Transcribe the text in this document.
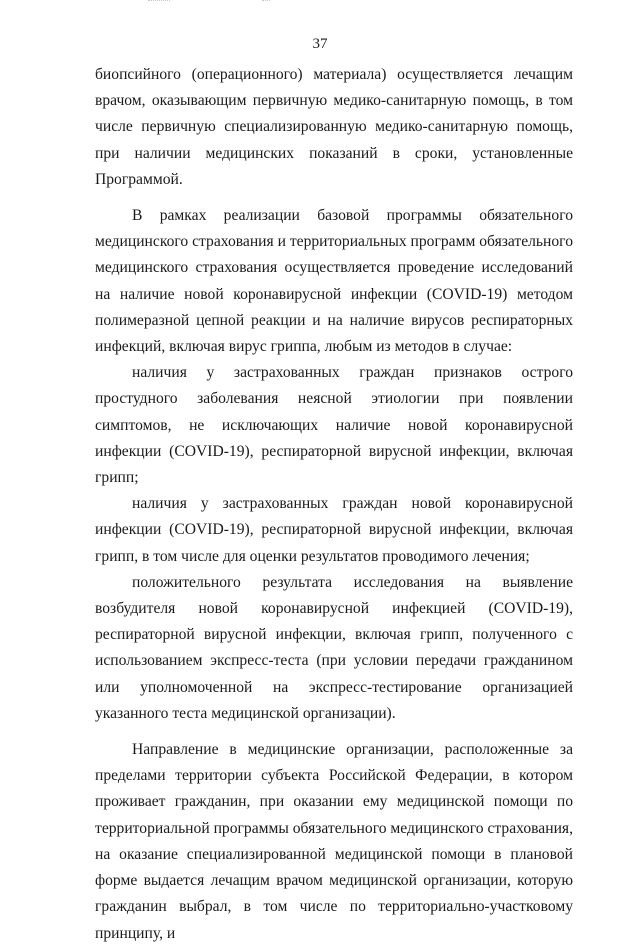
37

биопсийного (операционного) материала) осуществляется лечащим врачом, оказывающим первичную медико-санитарную помощь, в том числе первичную специализированную медико-санитарную помощь, при наличии медицинских показаний в сроки, установленные Программой.

В рамках реализации базовой программы обязательного медицинского страхования и территориальных программ обязательного медицинского страхования осуществляется проведение исследований на наличие новой коронавирусной инфекции (COVID-19) методом полимеразной цепной реакции и на наличие вирусов респираторных инфекций, включая вирус гриппа, любым из методов в случае:

наличия у застрахованных граждан признаков острого простудного заболевания неясной этиологии при появлении симптомов, не исключающих наличие новой коронавирусной инфекции (COVID-19), респираторной вирусной инфекции, включая грипп;

наличия у застрахованных граждан новой коронавирусной инфекции (COVID-19), респираторной вирусной инфекции, включая грипп, в том числе для оценки результатов проводимого лечения;

положительного результата исследования на выявление возбудителя новой коронавирусной инфекцией (COVID-19), респираторной вирусной инфекции, включая грипп, полученного с использованием экспресс-теста (при условии передачи гражданином или уполномоченной на экспресс-тестирование организацией указанного теста медицинской организации).

Направление в медицинские организации, расположенные за пределами территории субъекта Российской Федерации, в котором проживает гражданин, при оказании ему медицинской помощи по территориальной программы обязательного медицинского страхования, на оказание специализированной медицинской помощи в плановой форме выдается лечащим врачом медицинской организации, которую гражданин выбрал, в том числе по территориально-участковому принципу, и
